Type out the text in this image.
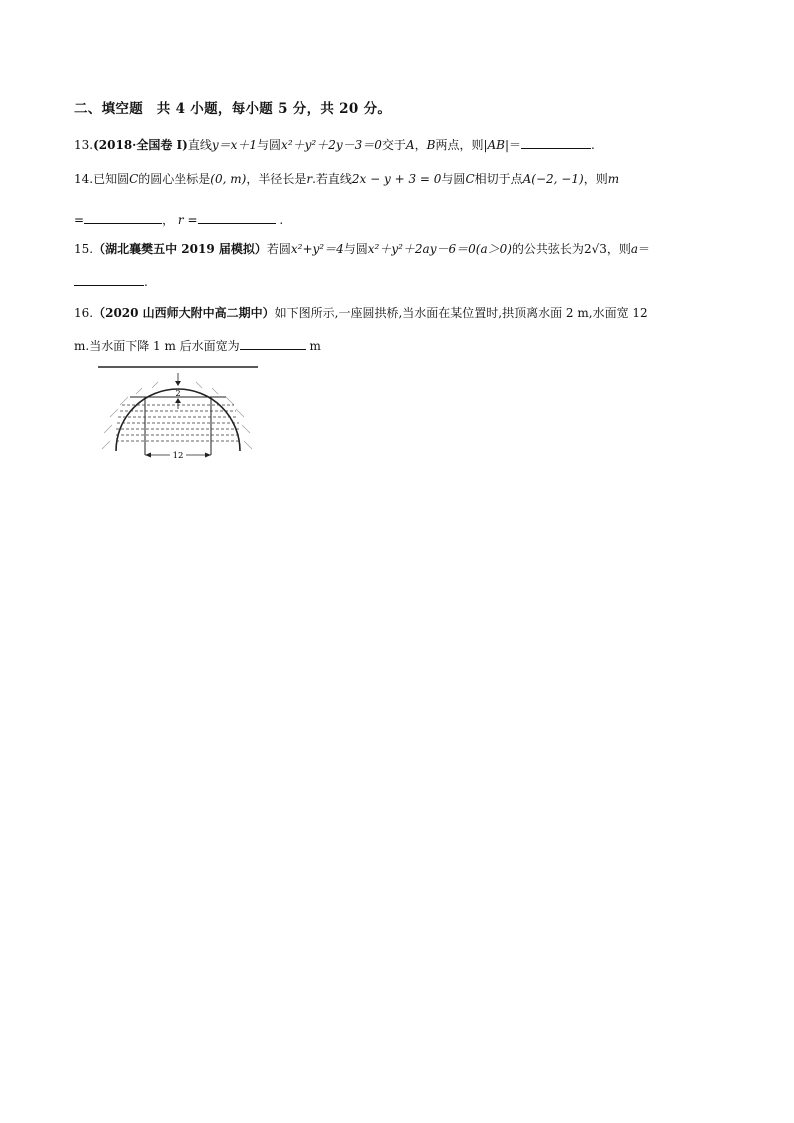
二、填空题　共 4 小题，每小题 5 分，共 20 分。
13.(2018·全国卷 I)直线y＝x＋1与圆x²＋y²＋2y－3＝0交于A，B两点，则|AB|＝	.
14.已知圆C的圆心坐标是(0, m)，半径长是r.若直线2x − y + 3 = 0与圆C相切于点A(−2, −1)，则m
=	， r =	.
15.（湖北襄樊五中 2019 届模拟）若圆x²+y²＝4与圆x²＋y²＋2ay－6＝0(a＞0)的公共弦长为2√3，则a＝
.
16.（2020 山西师大附中高二期中）如下图所示,一座圆拱桥,当水面在某位置时,拱顶离水面 2 m,水面宽 12
m.当水面下降 1 m 后水面宽为	m
2
12
